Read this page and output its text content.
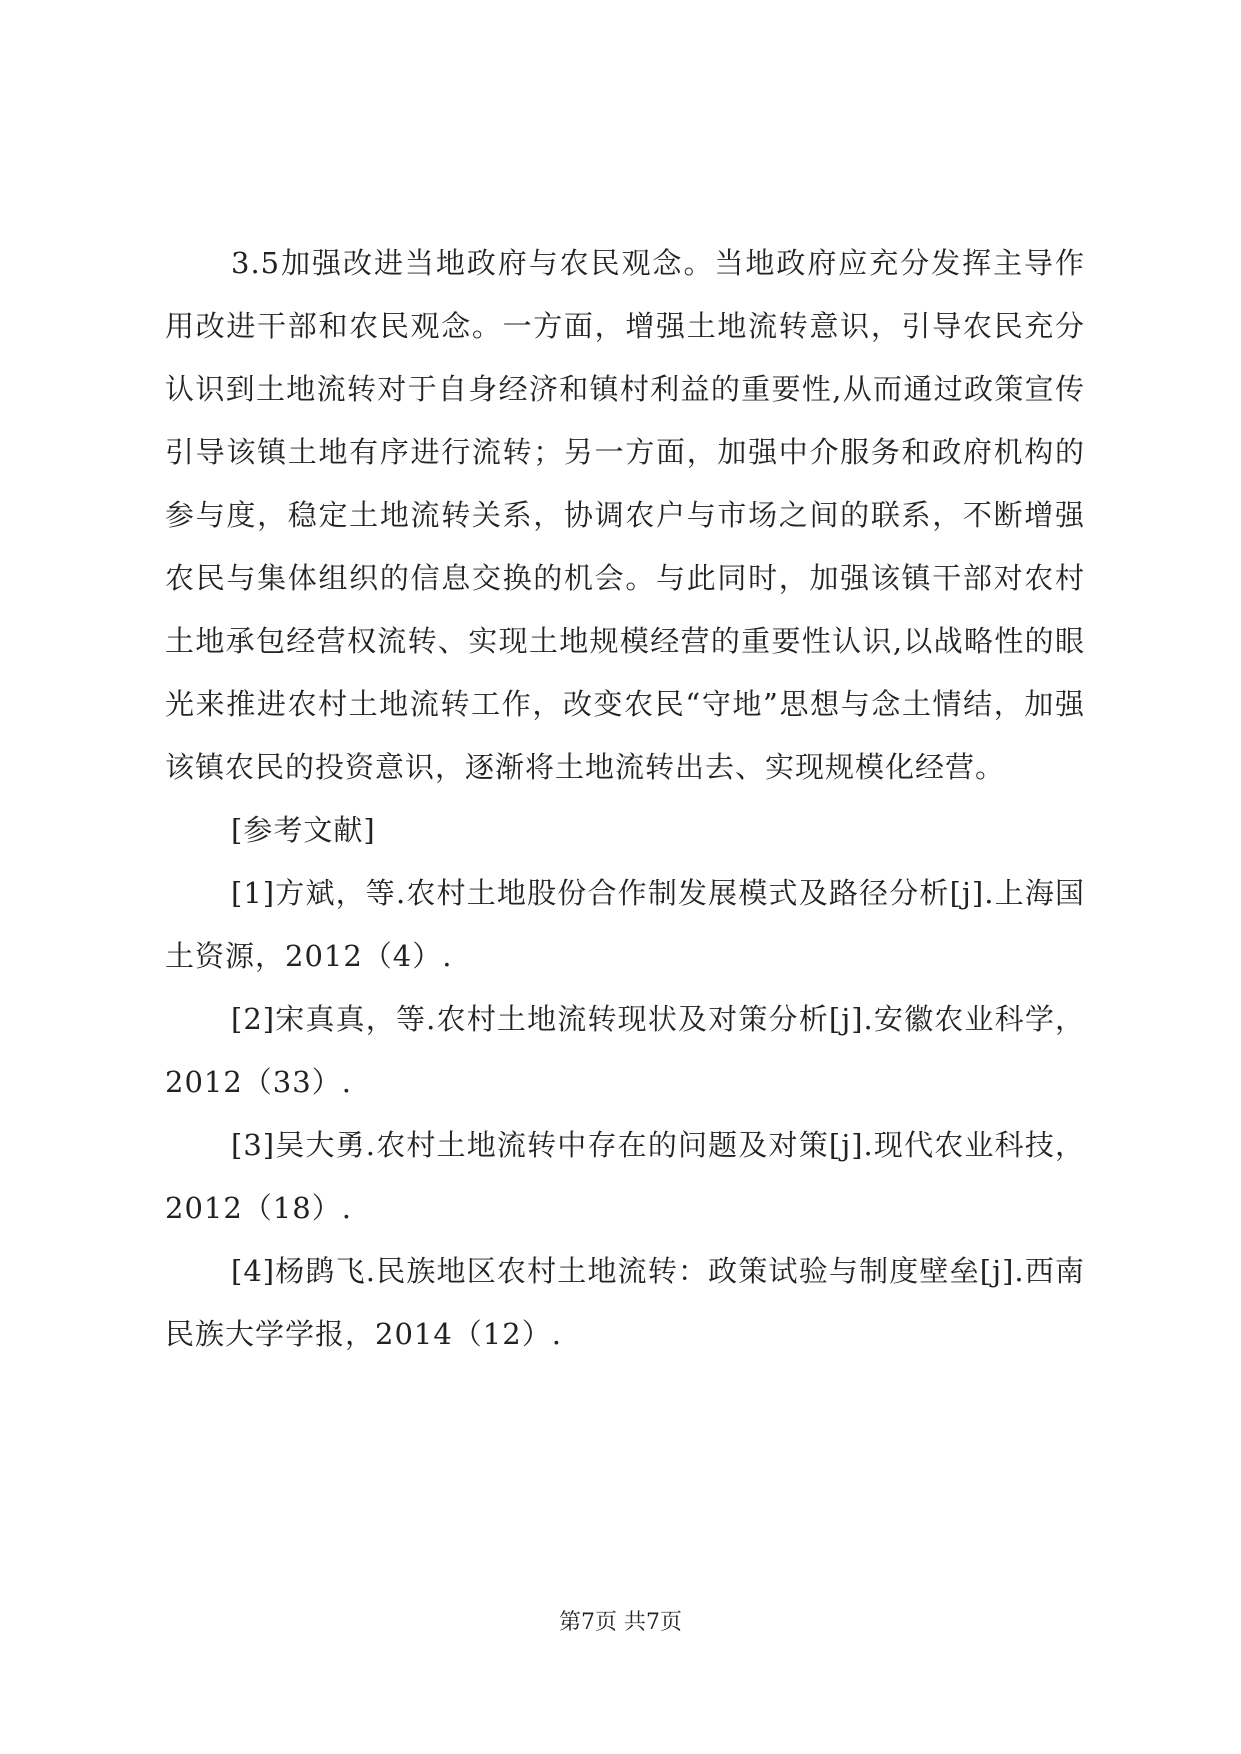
3.5加强改进当地政府与农民观念。当地政府应充分发挥主导作用改进干部和农民观念。一方面，增强土地流转意识，引导农民充分认识到土地流转对于自身经济和镇村利益的重要性,从而通过政策宣传引导该镇土地有序进行流转；另一方面，加强中介服务和政府机构的参与度，稳定土地流转关系，协调农户与市场之间的联系，不断增强农民与集体组织的信息交换的机会。与此同时，加强该镇干部对农村土地承包经营权流转、实现土地规模经营的重要性认识,以战略性的眼光来推进农村土地流转工作，改变农民“守地”思想与念土情结，加强该镇农民的投资意识，逐渐将土地流转出去、实现规模化经营。

[参考文献]

[1]方斌，等.农村土地股份合作制发展模式及路径分析[j].上海国土资源，2012（4）.

[2]宋真真，等.农村土地流转现状及对策分析[j].安徽农业科学，2012（33）.

[3]吴大勇.农村土地流转中存在的问题及对策[j].现代农业科技，2012（18）.

[4]杨鹍飞.民族地区农村土地流转：政策试验与制度壁垒[j].西南民族大学学报，2014（12）.

第7页 共7页
